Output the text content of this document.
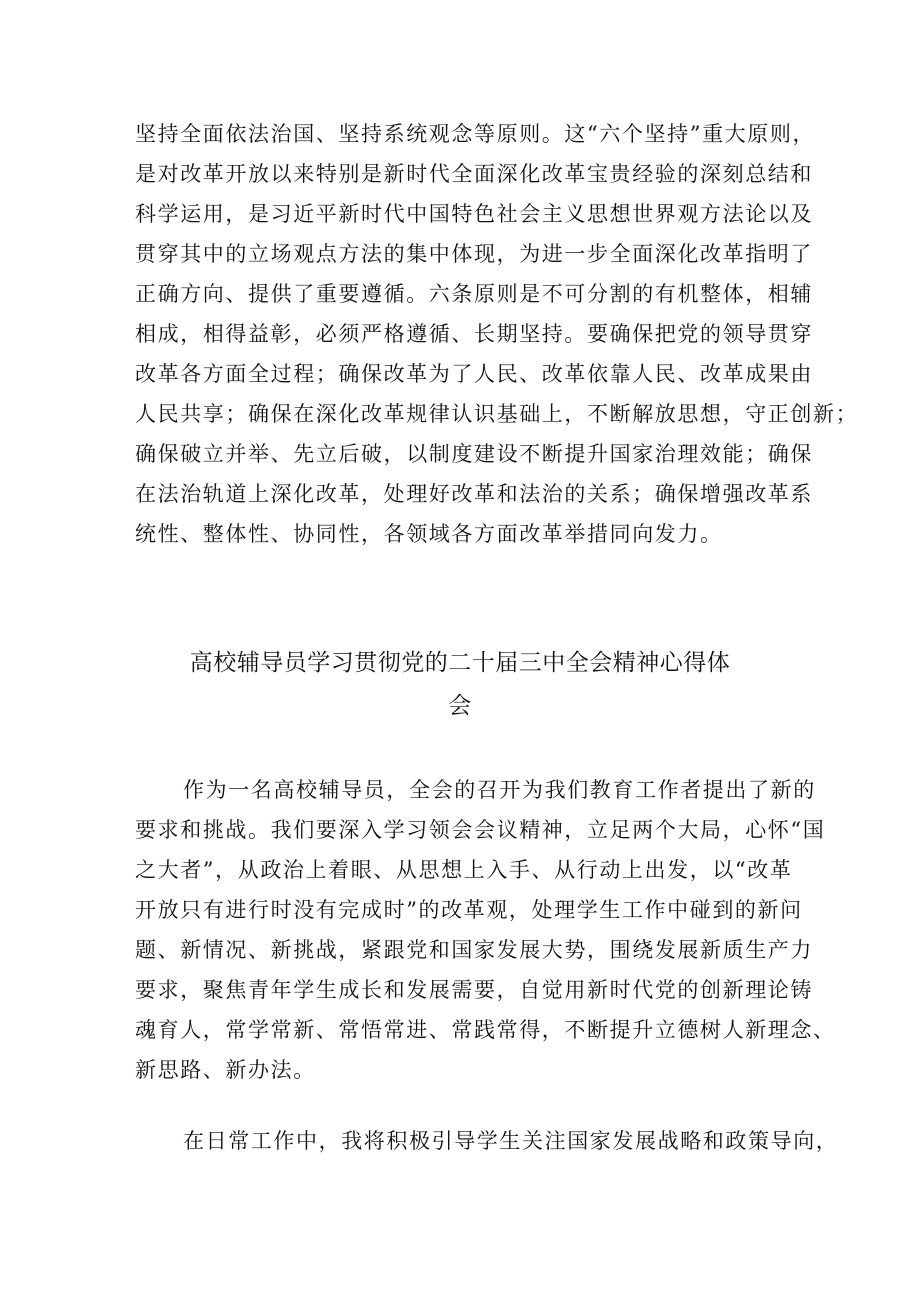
坚持全面依法治国、坚持系统观念等原则。这“六个坚持”重大原则，
是对改革开放以来特别是新时代全面深化改革宝贵经验的深刻总结和
科学运用，是习近平新时代中国特色社会主义思想世界观方法论以及
贯穿其中的立场观点方法的集中体现，为进一步全面深化改革指明了
正确方向、提供了重要遵循。六条原则是不可分割的有机整体，相辅
相成，相得益彰，必须严格遵循、长期坚持。要确保把党的领导贯穿
改革各方面全过程；确保改革为了人民、改革依靠人民、改革成果由
人民共享；确保在深化改革规律认识基础上，不断解放思想，守正创新；
确保破立并举、先立后破，以制度建设不断提升国家治理效能；确保
在法治轨道上深化改革，处理好改革和法治的关系；确保增强改革系
统性、整体性、协同性，各领域各方面改革举措同向发力。
高校辅导员学习贯彻党的二十届三中全会精神心得体
会
作为一名高校辅导员，全会的召开为我们教育工作者提出了新的
要求和挑战。我们要深入学习领会会议精神，立足两个大局，心怀“国
之大者”，从政治上着眼、从思想上入手、从行动上出发，以“改革
开放只有进行时没有完成时”的改革观，处理学生工作中碰到的新问
题、新情况、新挑战，紧跟党和国家发展大势，围绕发展新质生产力
要求，聚焦青年学生成长和发展需要，自觉用新时代党的创新理论铸
魂育人，常学常新、常悟常进、常践常得，不断提升立德树人新理念、
新思路、新办法。
在日常工作中，我将积极引导学生关注国家发展战略和政策导向，
